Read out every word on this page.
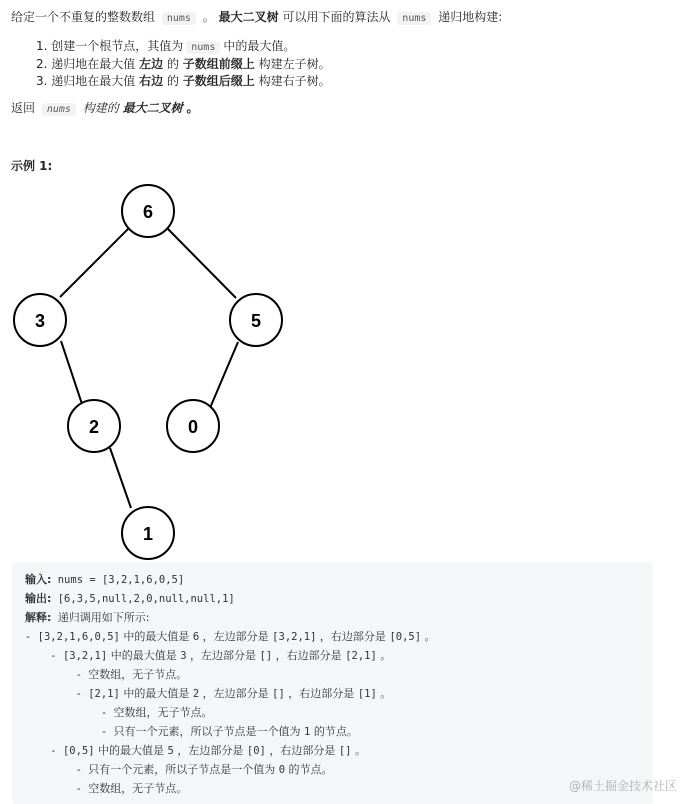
给定一个不重复的整数数组 nums 。 最大二叉树 可以用下面的算法从 nums 递归地构建:
1. 创建一个根节点，其值为 nums 中的最大值。
2. 递归地在最大值 左边 的 子数组前缀上 构建左子树。
3. 递归地在最大值 右边 的 子数组后缀上 构建右子树。
返回 nums 构建的 最大二叉树 。
示例 1:
6
3	5
2	0
1
输入: nums = [3,2,1,6,0,5]
输出: [6,3,5,null,2,0,null,null,1]
解释: 递归调用如下所示:
- [3,2,1,6,0,5] 中的最大值是 6 ，左边部分是 [3,2,1] ，右边部分是 [0,5] 。
- [3,2,1] 中的最大值是 3 ，左边部分是 [] ，右边部分是 [2,1] 。
- 空数组，无子节点。
- [2,1] 中的最大值是 2 ，左边部分是 [] ，右边部分是 [1] 。
- 空数组，无子节点。
- 只有一个元素，所以子节点是一个值为 1 的节点。
- [0,5] 中的最大值是 5 ，左边部分是 [0] ，右边部分是 [] 。
- 只有一个元素，所以子节点是一个值为 0 的节点。
- 空数组，无子节点。	@稀土掘金技术社区
